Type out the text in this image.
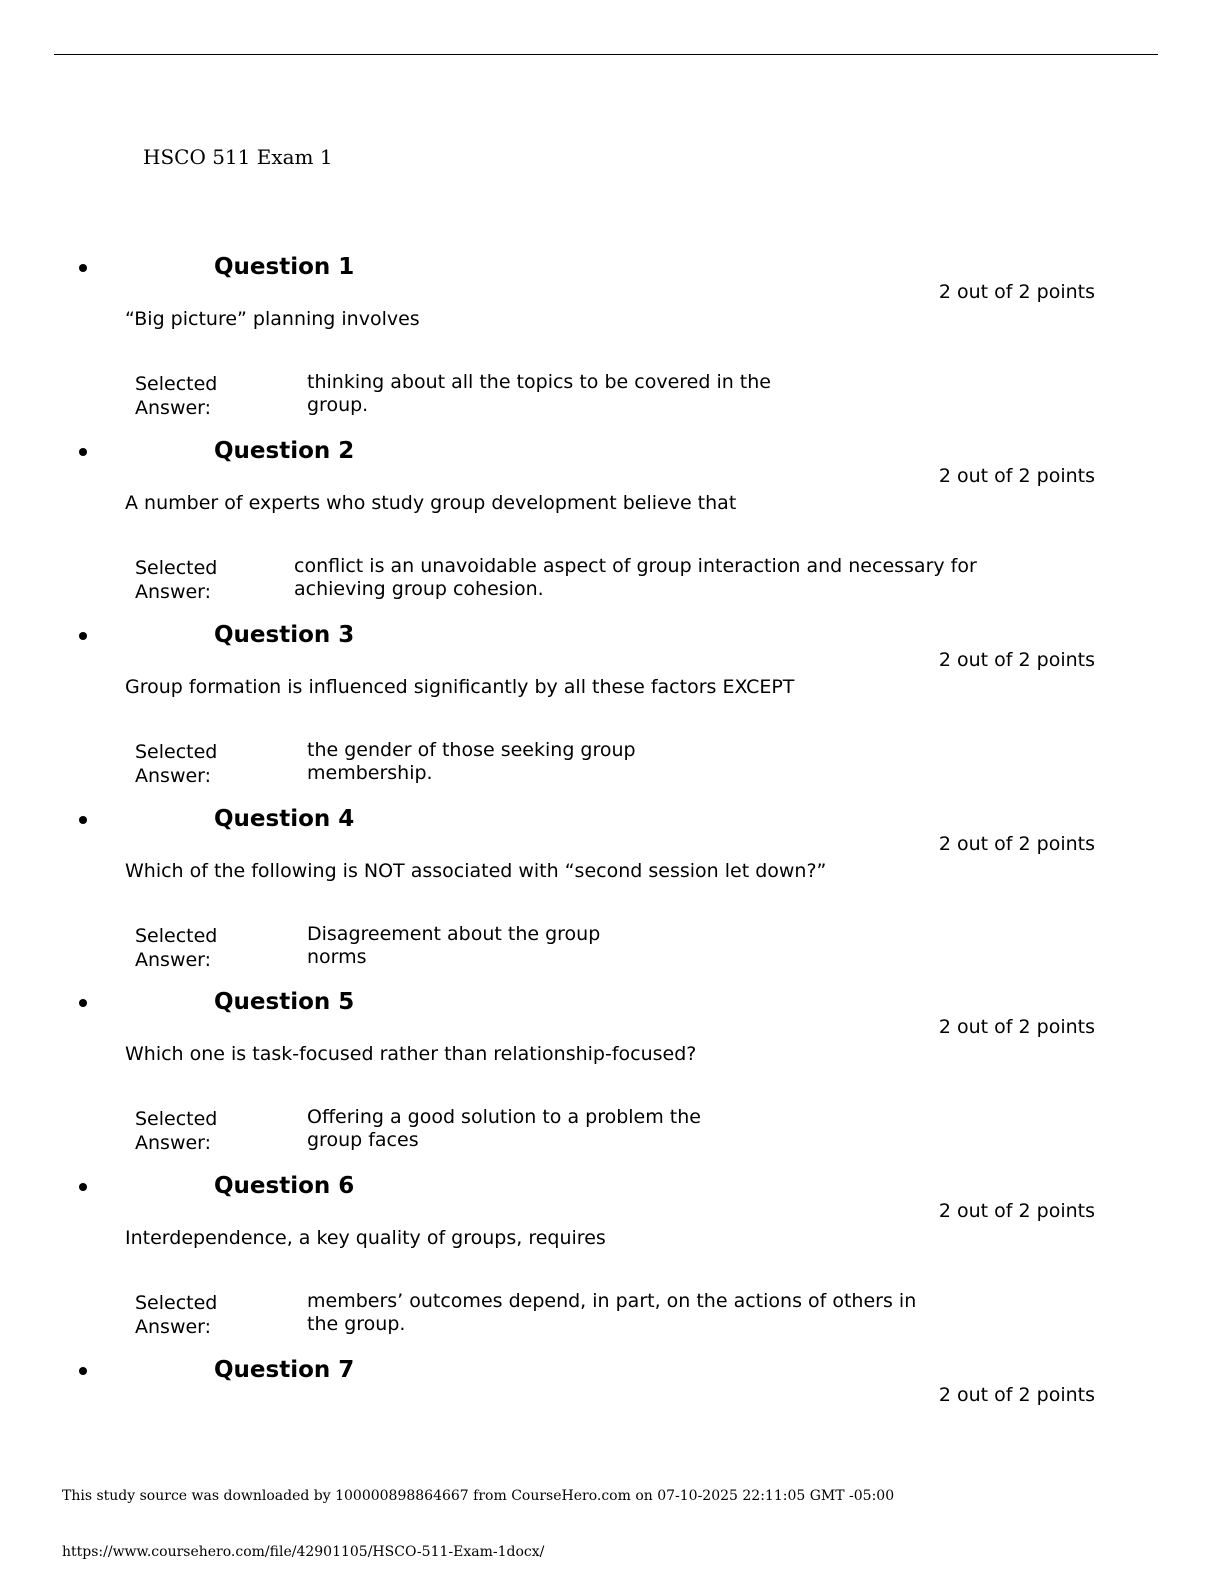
HSCO 511 Exam 1
Question 1
2 out of 2 points
“Big picture” planning involves
Selected Answer:
thinking about all the topics to be covered in the group.
Question 2
2 out of 2 points
A number of experts who study group development believe that
Selected Answer:
conflict is an unavoidable aspect of group interaction and necessary for achieving group cohesion.
Question 3
2 out of 2 points
Group formation is influenced significantly by all these factors EXCEPT
Selected Answer:
the gender of those seeking group membership.
Question 4
2 out of 2 points
Which of the following is NOT associated with “second session let down?”
Selected Answer:
Disagreement about the group norms
Question 5
2 out of 2 points
Which one is task-focused rather than relationship-focused?
Selected Answer:
Offering a good solution to a problem the group faces
Question 6
2 out of 2 points
Interdependence, a key quality of groups, requires
Selected Answer:
members’ outcomes depend, in part, on the actions of others in the group.
Question 7
2 out of 2 points
This study source was downloaded by 100000898864667 from CourseHero.com on 07-10-2025 22:11:05 GMT -05:00
https://www.coursehero.com/file/42901105/HSCO-511-Exam-1docx/
